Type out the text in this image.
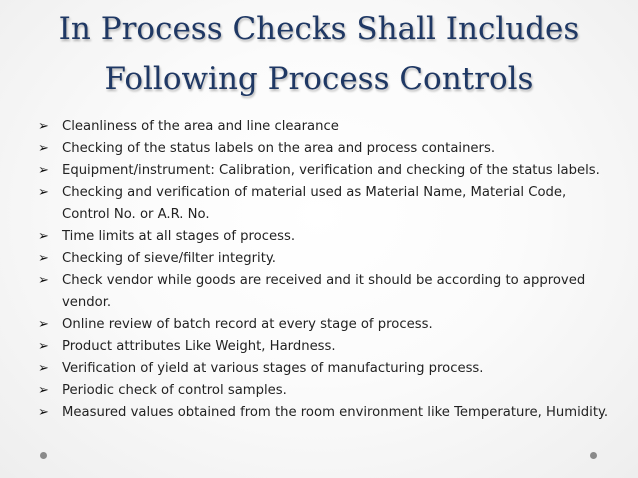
In Process Checks Shall Includes
Following Process Controls
➢ Cleanliness of the area and line clearance
➢ Checking of the status labels on the area and process containers.
➢ Equipment/instrument: Calibration, verification and checking of the status labels.
➢ Checking and verification of material used as Material Name, Material Code, Control No. or A.R. No.
➢ Time limits at all stages of process.
➢ Checking of sieve/filter integrity.
➢ Check vendor while goods are received and it should be according to approved vendor.
➢ Online review of batch record at every stage of process.
➢ Product attributes Like Weight, Hardness.
➢ Verification of yield at various stages of manufacturing process.
➢ Periodic check of control samples.
➢ Measured values obtained from the room environment like Temperature, Humidity.
